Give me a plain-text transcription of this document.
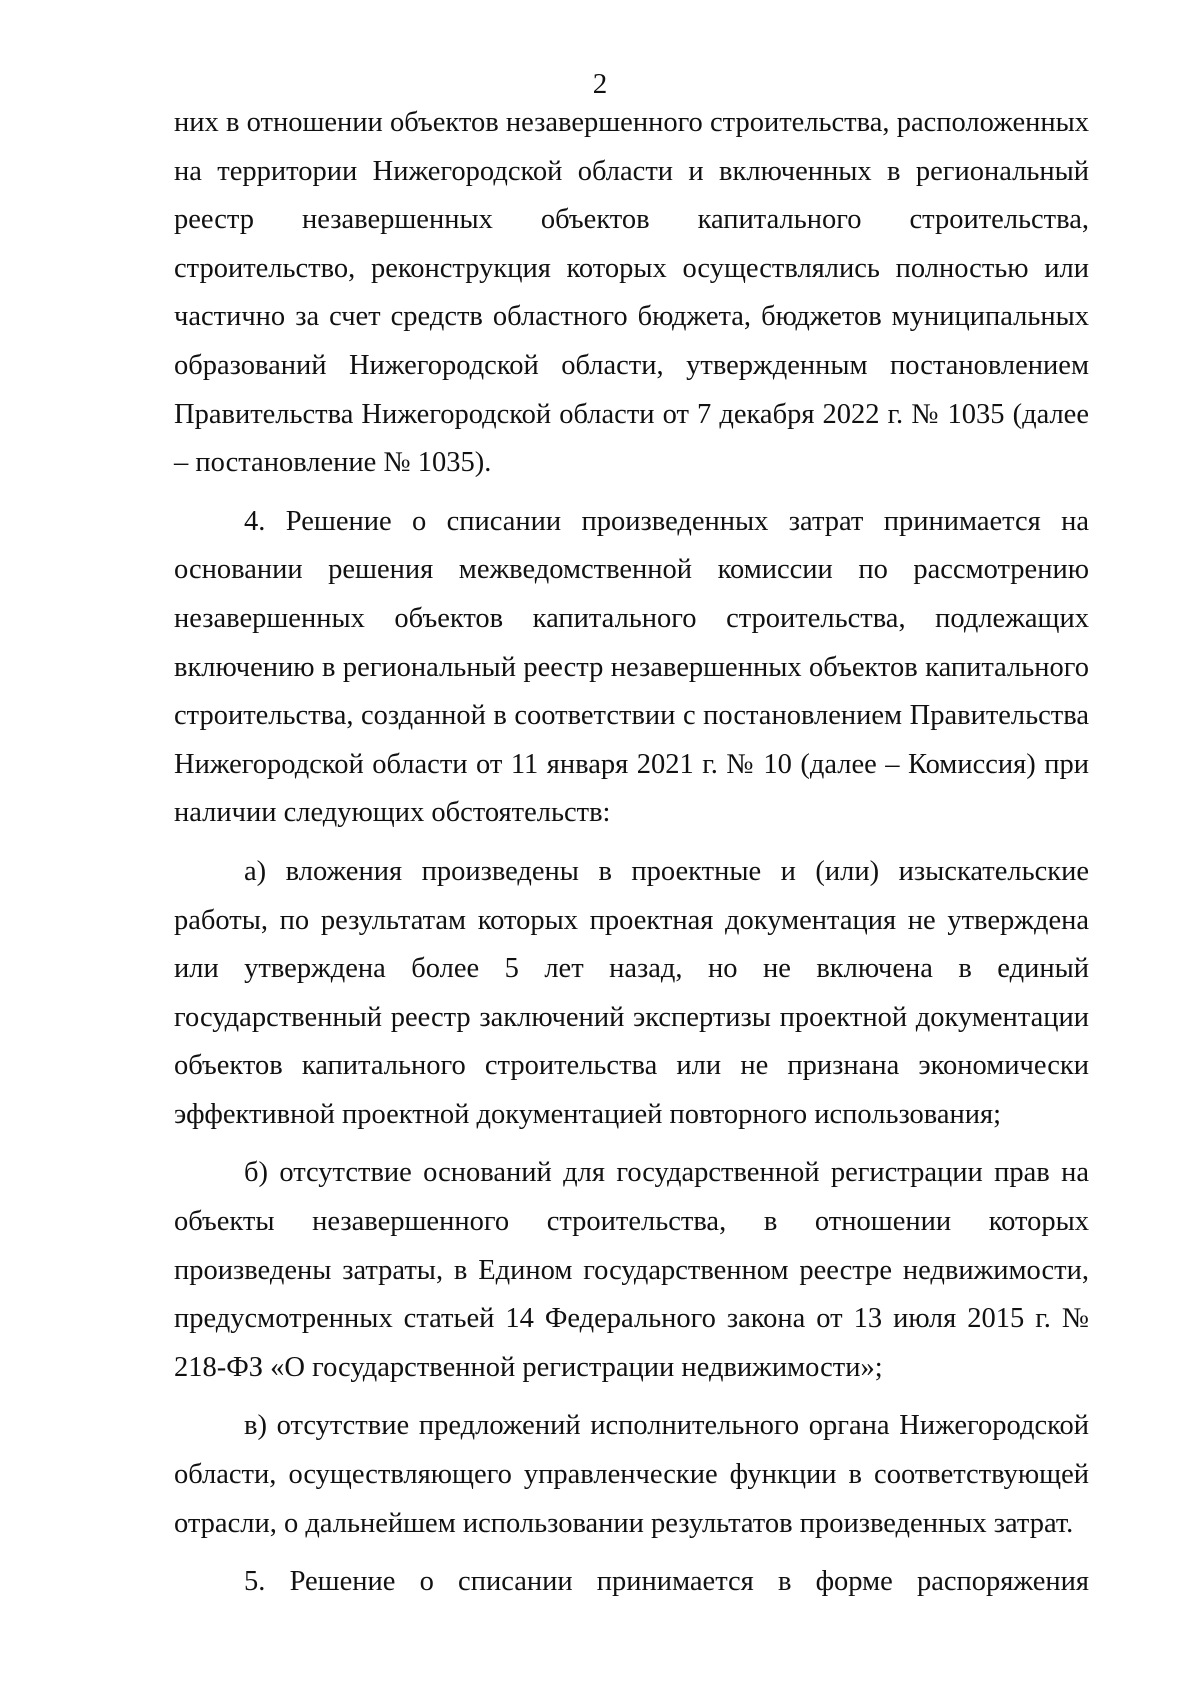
2

них в отношении объектов незавершенного строительства, расположенных на территории Нижегородской области и включенных в региональный реестр незавершенных объектов капитального строительства, строительство, реконструкция которых осуществлялись полностью или частично за счет средств областного бюджета, бюджетов муниципальных образований Нижегородской области, утвержденным постановлением Правительства Нижегородской области от 7 декабря 2022 г. № 1035 (далее – постановление № 1035).

4. Решение о списании произведенных затрат принимается на основании решения межведомственной комиссии по рассмотрению незавершенных объектов капитального строительства, подлежащих включению в региональный реестр незавершенных объектов капитального строительства, созданной в соответствии с постановлением Правительства Нижегородской области от 11 января 2021 г. № 10 (далее – Комиссия) при наличии следующих обстоятельств:

а) вложения произведены в проектные и (или) изыскательские работы, по результатам которых проектная документация не утверждена или утверждена более 5 лет назад, но не включена в единый государственный реестр заключений экспертизы проектной документации объектов капитального строительства или не признана экономически эффективной проектной документацией повторного использования;

б) отсутствие оснований для государственной регистрации прав на объекты незавершенного строительства, в отношении которых произведены затраты, в Едином государственном реестре недвижимости, предусмотренных статьей 14 Федерального закона от 13 июля 2015 г. № 218-ФЗ «О государственной регистрации недвижимости»;

в) отсутствие предложений исполнительного органа Нижегородской области, осуществляющего управленческие функции в соответствующей отрасли, о дальнейшем использовании результатов произведенных затрат.

5. Решение о списании принимается в форме распоряжения
